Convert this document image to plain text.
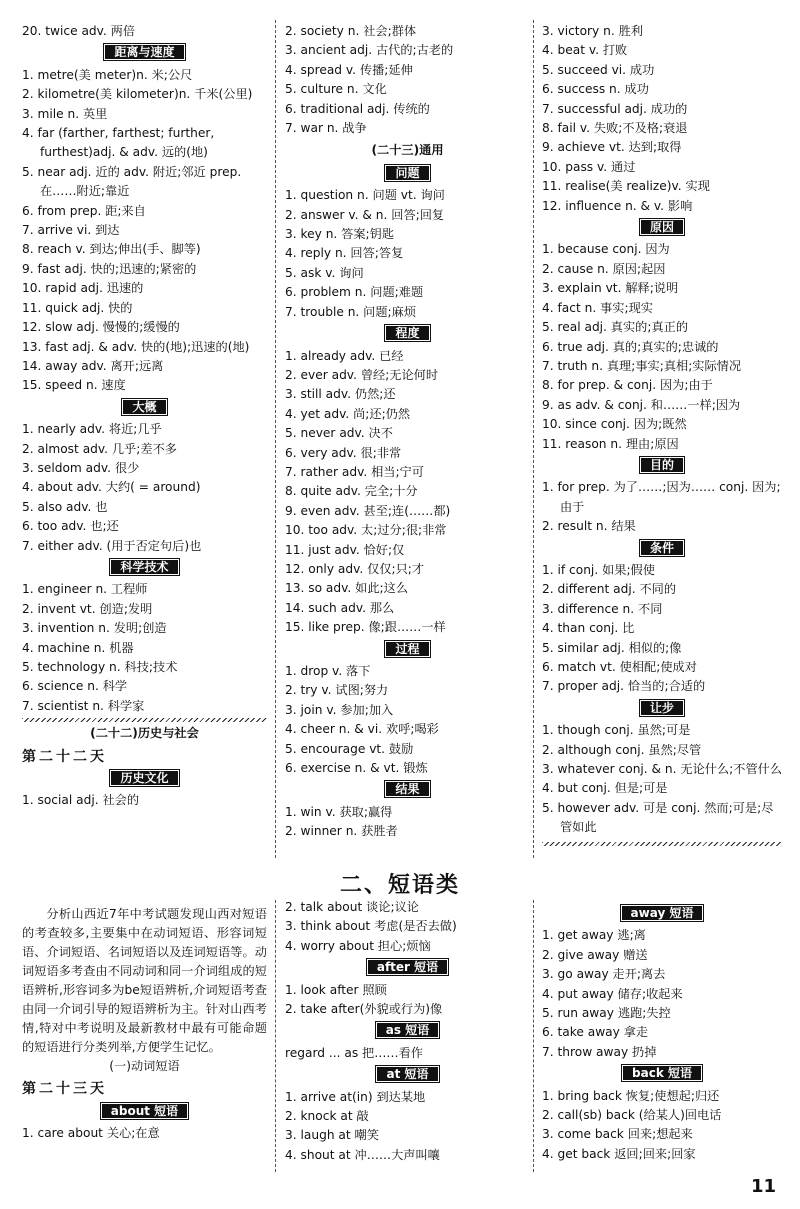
20. twice adv. 两倍
距离与速度
1. metre(美 meter)n. 米;公尺
2. kilometre(美 kilometer)n. 千米(公里)
3. mile n. 英里
4. far (farther, farthest; further, furthest)adj. & adv. 远的(地)
5. near adj. 近的 adv. 附近;邻近 prep. 在……附近;靠近
6. from prep. 距;来自
7. arrive vi. 到达
8. reach v. 到达;伸出(手、脚等)
9. fast adj. 快的;迅速的;紧密的
10. rapid adj. 迅速的
11. quick adj. 快的
12. slow adj. 慢慢的;缓慢的
13. fast adj. & adv. 快的(地);迅速的(地)
14. away adv. 离开;远离
15. speed n. 速度
大概
1. nearly adv. 将近;几乎
2. almost adv. 几乎;差不多
3. seldom adv. 很少
4. about adv. 大约( = around)
5. also adv. 也
6. too adv. 也;还
7. either adv. (用于否定句后)也
科学技术
1. engineer n. 工程师
2. invent vt. 创造;发明
3. invention n. 发明;创造
4. machine n. 机器
5. technology n. 科技;技术
6. science n. 科学
7. scientist n. 科学家
(二十二)历史与社会
第二十二天
历史文化
1. social adj. 社会的
2. society n. 社会;群体
3. ancient adj. 古代的;古老的
4. spread v. 传播;延伸
5. culture n. 文化
6. traditional adj. 传统的
7. war n. 战争
(二十三)通用
问题
1. question n. 问题 vt. 询问
2. answer v. & n. 回答;回复
3. key n. 答案;钥匙
4. reply n. 回答;答复
5. ask v. 询问
6. problem n. 问题;难题
7. trouble n. 问题;麻烦
程度
1. already adv. 已经
2. ever adv. 曾经;无论何时
3. still adv. 仍然;还
4. yet adv. 尚;还;仍然
5. never adv. 决不
6. very adv. 很;非常
7. rather adv. 相当;宁可
8. quite adv. 完全;十分
9. even adv. 甚至;连(……都)
10. too adv. 太;过分;很;非常
11. just adv. 恰好;仅
12. only adv. 仅仅;只;才
13. so adv. 如此;这么
14. such adv. 那么
15. like prep. 像;跟……一样
过程
1. drop v. 落下
2. try v. 试图;努力
3. join v. 参加;加入
4. cheer n. & vi. 欢呼;喝彩
5. encourage vt. 鼓励
6. exercise n. & vt. 锻炼
结果
1. win v. 获取;赢得
2. winner n. 获胜者
3. victory n. 胜利
4. beat v. 打败
5. succeed vi. 成功
6. success n. 成功
7. successful adj. 成功的
8. fail v. 失败;不及格;衰退
9. achieve vt. 达到;取得
10. pass v. 通过
11. realise(美 realize)v. 实现
12. influence n. & v. 影响
原因
1. because conj. 因为
2. cause n. 原因;起因
3. explain vt. 解释;说明
4. fact n. 事实;现实
5. real adj. 真实的;真正的
6. true adj. 真的;真实的;忠诚的
7. truth n. 真理;事实;真相;实际情况
8. for prep. & conj. 因为;由于
9. as adv. & conj. 和……一样;因为
10. since conj. 因为;既然
11. reason n. 理由;原因
目的
1. for prep. 为了……;因为…… conj. 因为;由于
2. result n. 结果
条件
1. if conj. 如果;假使
2. different adj. 不同的
3. difference n. 不同
4. than conj. 比
5. similar adj. 相似的;像
6. match vt. 使相配;使成对
7. proper adj. 恰当的;合适的
让步
1. though conj. 虽然;可是
2. although conj. 虽然;尽管
3. whatever conj. & n. 无论什么;不管什么
4. but conj. 但是;可是
5. however adv. 可是 conj. 然而;可是;尽管如此
二、短语类
分析山西近7年中考试题发现山西对短语的考查较多,主要集中在动词短语、形容词短语、介词短语、名词短语以及连词短语等。动词短语多考查由不同动词和同一介词组成的短语辨析,形容词多为be短语辨析,介词短语考查由同一介词引导的短语辨析为主。针对山西考情,特对中考说明及最新教材中最有可能命题的短语进行分类列举,方便学生记忆。
(一)动词短语
第二十三天
about 短语
1. care about 关心;在意
2. talk about 谈论;议论
3. think about 考虑(是否去做)
4. worry about 担心;烦恼
after 短语
1. look after 照顾
2. take after(外貌或行为)像
as 短语
regard ... as 把……看作
at 短语
1. arrive at(in) 到达某地
2. knock at 敲
3. laugh at 嘲笑
4. shout at 冲……大声叫嚷
away 短语
1. get away 逃;离
2. give away 赠送
3. go away 走开;离去
4. put away 储存;收起来
5. run away 逃跑;失控
6. take away 拿走
7. throw away 扔掉
back 短语
1. bring back 恢复;使想起;归还
2. call(sb) back (给某人)回电话
3. come back 回来;想起来
4. get back 返回;回来;回家
11
